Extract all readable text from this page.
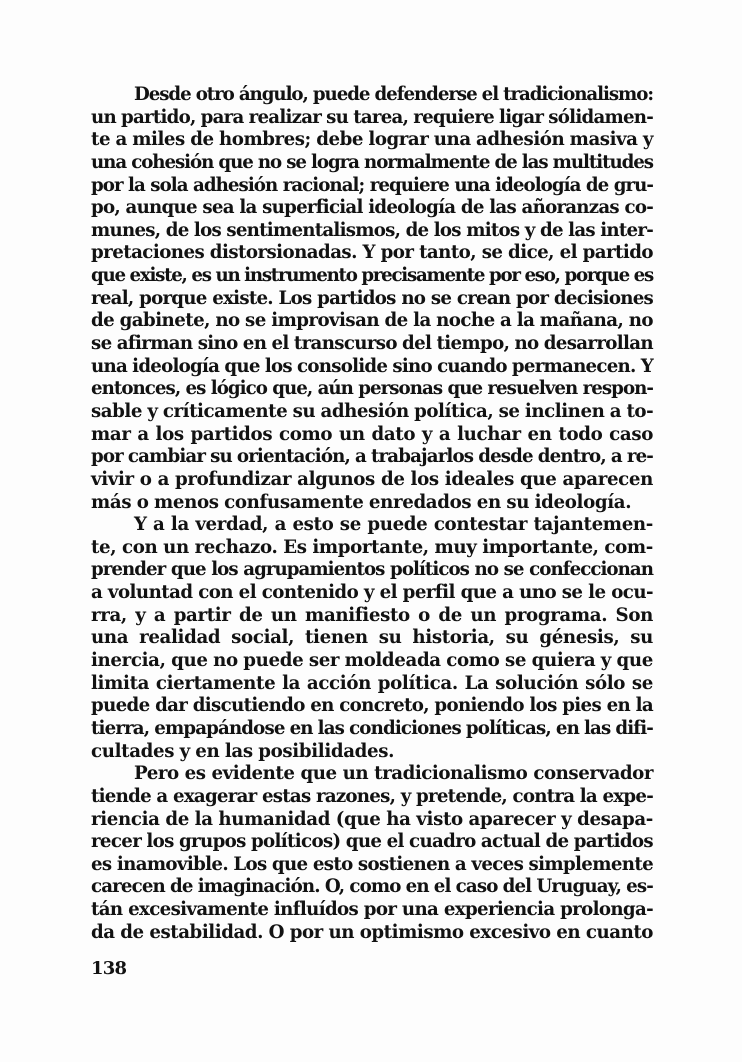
Desde otro ángulo, puede defenderse el tradicionalismo:
un partido, para realizar su tarea, requiere ligar sólidamen-
te a miles de hombres; debe lograr una adhesión masiva y
una cohesión que no se logra normalmente de las multitudes
por la sola adhesión racional; requiere una ideología de gru-
po, aunque sea la superficial ideología de las añoranzas co-
munes, de los sentimentalismos, de los mitos y de las inter-
pretaciones distorsionadas. Y por tanto, se dice, el partido
que existe, es un instrumento precisamente por eso, porque es
real, porque existe. Los partidos no se crean por decisiones
de gabinete, no se improvisan de la noche a la mañana, no
se afirman sino en el transcurso del tiempo, no desarrollan
una ideología que los consolide sino cuando permanecen. Y
entonces, es lógico que, aún personas que resuelven respon-
sable y críticamente su adhesión política, se inclinen a to-
mar a los partidos como un dato y a luchar en todo caso
por cambiar su orientación, a trabajarlos desde dentro, a re-
vivir o a profundizar algunos de los ideales que aparecen
más o menos confusamente enredados en su ideología.
Y a la verdad, a esto se puede contestar tajantemen-
te, con un rechazo. Es importante, muy importante, com-
prender que los agrupamientos políticos no se confeccionan
a voluntad con el contenido y el perfil que a uno se le ocu-
rra, y a partir de un manifiesto o de un programa. Son
una realidad social, tienen su historia, su génesis, su
inercia, que no puede ser moldeada como se quiera y que
limita ciertamente la acción política. La solución sólo se
puede dar discutiendo en concreto, poniendo los pies en la
tierra, empapándose en las condiciones políticas, en las difi-
cultades y en las posibilidades.
Pero es evidente que un tradicionalismo conservador
tiende a exagerar estas razones, y pretende, contra la expe-
riencia de la humanidad (que ha visto aparecer y desapa-
recer los grupos políticos) que el cuadro actual de partidos
es inamovible. Los que esto sostienen a veces simplemente
carecen de imaginación. O, como en el caso del Uruguay, es-
tán excesivamente influídos por una experiencia prolonga-
da de estabilidad. O por un optimismo excesivo en cuanto
138
